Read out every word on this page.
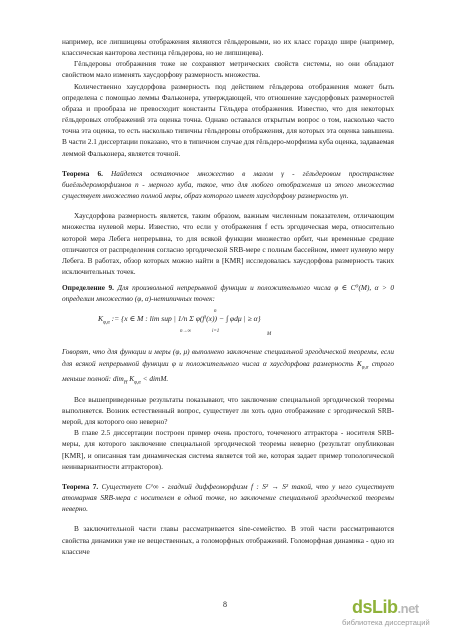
например, все липшицевы отображения являются гёльдеровыми, но их класс гораздо шире (например, классическая канторова лестница гёльдерова, но не липшицева).

Гёльдеровы отображения тоже не сохраняют метрических свойств системы, но они обладают свойством мало изменять хаусдорфову размерность множества.

Количественно хаусдорфова размерность под действием гёльдерова отображения может быть определена с помощью леммы Фальконера, утверждающей, что отношение хаусдорфовых размерностей образа и прообраза не превосходит константы Гёльдера отображения. Известно, что для некоторых гёльдеровых отображений эта оценка точна. Однако оставался открытым вопрос о том, насколько часто точна эта оценка, то есть насколько типичны гёльдеровы отображения, для которых эта оценка завышена. В части 2.1 диссертации показано, что в типичном случае для гёльдеро-морфизма куба оценка, задаваемая леммой Фальконера, является точной.

Теорема 6. Найдется остаточное множество в малом γ - гёльдеровом пространстве биеёльдероморфизмов n - мерного куба, такое, что для любого отображения из этого множества существует множество полной меры, образ которого имеет хаусдорфову размерность γn.

Хаусдорфова размерность является, таким образом, важным численным показателем, отличающим множества нулевой меры. Известно, что если у отображения f есть эргодическая мера, относительно которой мера Лебега непрерывна, то для всякой функции множество орбит, чьи временные средние отличаются от распределения согласно эргодической SRB-мере с полным бассейном, имеет нулевую меру Лебега. В работах, обзор которых можно найти в [KMR] исследовалась хаусдорфова размерность таких исключительных точек.

Определение 9. Для произвольной непрерывной функции и положительного числа φ ∈ C⁰(M), α > 0 определим множество (φ, α)-нетипичных точек:

$K_{\varphi,\alpha}$ := {x ∈ M : lim sup | 1/n Σ φ(fⁱ(x)) − ∫ φdμ | ≥ α}
n→∞
n
i=1
M

Говорят, что для функции и меры (φ, μ) выполнено заключение специальной эргодической теоремы, если для всякой непрерывной функции φ и положительного числа α хаусдорфова размерность $K_{\varphi,\alpha}$ строго меньше полной: dim$_H$ $K_{\varphi,\alpha}$ < dimM.

Все вышеприведенные результаты показывают, что заключение специальной эргодической теоремы выполняется. Возник естественный вопрос, существует ли хоть одно отображение с эргодической SRB-мерой, для которого оно неверно?

В главе 2.5 диссертации построен пример очень простого, точеченого аттрактора - носителя SRB-меры, для которого заключение специальной эргодической теоремы неверно (результат опубликован [KMR], и описанная там динамическая система является той же, которая задает пример топологической неинвариантности аттракторов).

Теорема 7. Существует C^∞ - гладкий диффеоморфизм f : S² → S² такой, что у него существует атомарная SRB-мера с носителем в одной точке, но заключение специальной эргодической теоремы неверно.

В заключительной части главы рассматривается sine-семейство. В этой части рассматриваются свойства динамики уже не вещественных, а голоморфных отображений. Голоморфная динамика - одно из классиче

8	dsLib.net
библиотека диссертаций
